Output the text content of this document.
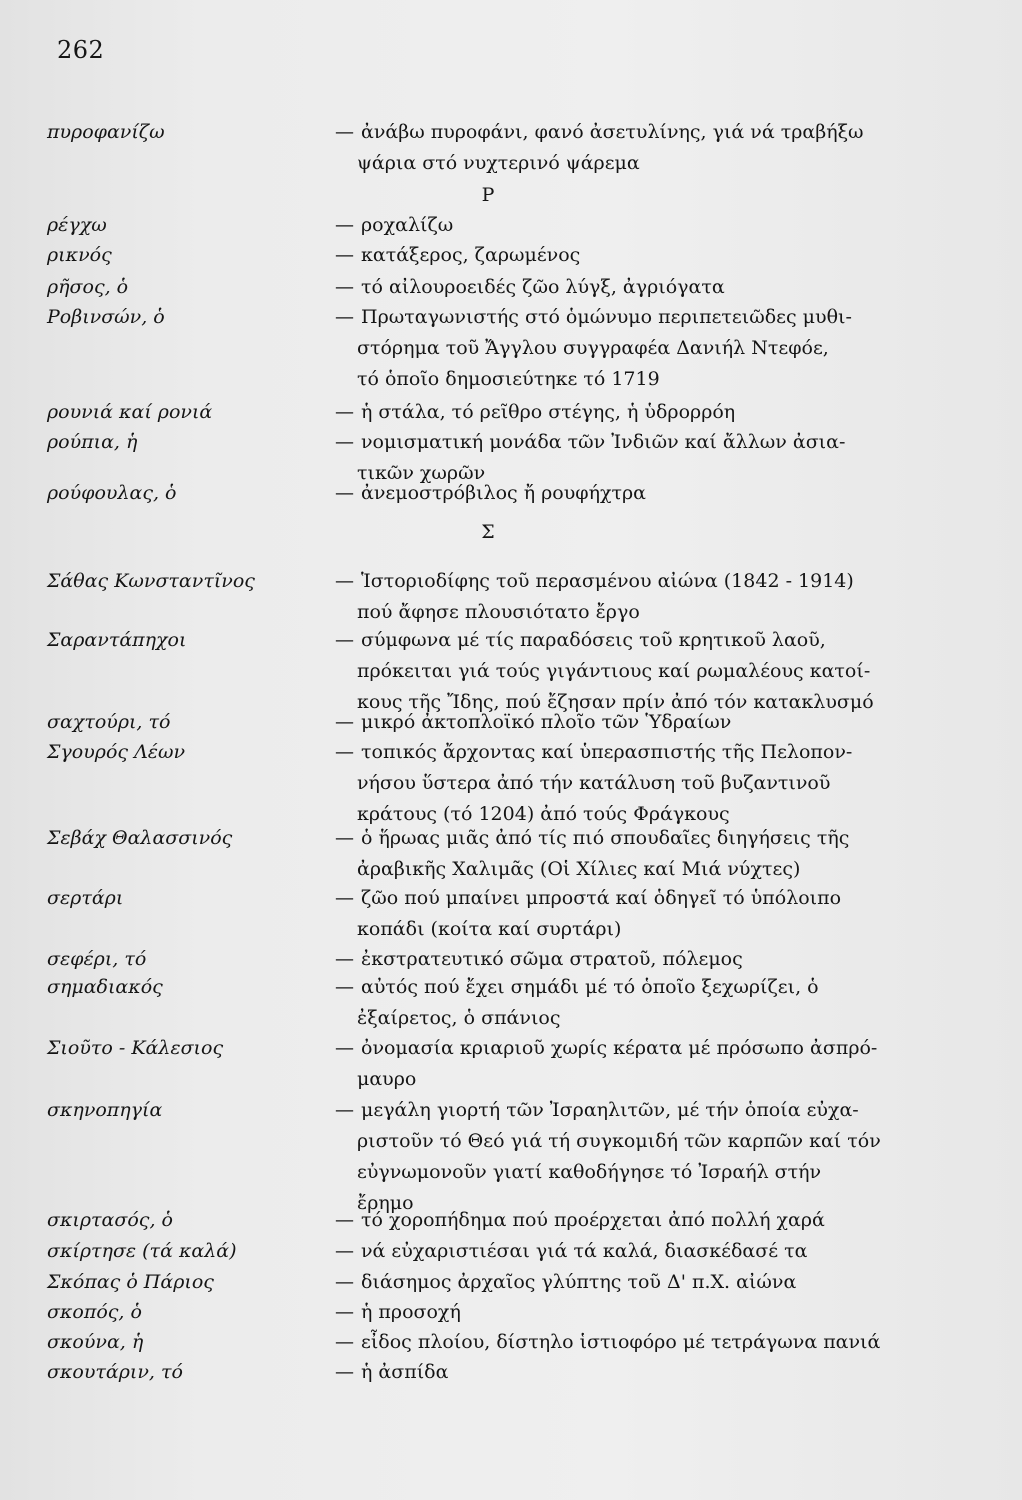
262
Ρ
Σ
πυροφανίζω	— ἀνάβω πυροφάνι, φανό ἀσετυλίνης, γιά νά τραβήξω
ψάρια στό νυχτερινό ψάρεμα
ρέγχω	— ροχαλίζω
ρικνός	— κατάξερος, ζαρωμένος
ρῆσος, ὁ	— τό αἰλουροειδές ζῶο λύγξ, ἀγριόγατα
Ροβινσών, ὁ	— Πρωταγωνιστής στό ὁμώνυμο περιπετειῶδες μυθι-
στόρημα τοῦ Ἄγγλου συγγραφέα Δανιήλ Ντεφόε,
τό ὁποῖο δημοσιεύτηκε τό 1719
ρουνιά καί ρονιά	— ἡ στάλα, τό ρεῖθρο στέγης, ἡ ὑδρορρόη
ρούπια, ἡ	— νομισματική μονάδα τῶν Ἰνδιῶν καί ἄλλων ἀσια-
τικῶν χωρῶν
ρούφουλας, ὁ	— ἀνεμοστρόβιλος ἤ ρουφήχτρα
Σάθας Κωνσταντῖνος	— Ἱστοριοδίφης τοῦ περασμένου αἰώνα (1842 - 1914)
πού ἄφησε πλουσιότατο ἔργο
Σαραντάπηχοι	— σύμφωνα μέ τίς παραδόσεις τοῦ κρητικοῦ λαοῦ,
πρόκειται γιά τούς γιγάντιους καί ρωμαλέους κατοί-
κους τῆς Ἴδης, πού ἔζησαν πρίν ἀπό τόν κατακλυσμό
σαχτούρι, τό	— μικρό ἀκτοπλοϊκό πλοῖο τῶν Ὑδραίων
Σγουρός Λέων	— τοπικός ἄρχοντας καί ὑπερασπιστής τῆς Πελοπον-
νήσου ὕστερα ἀπό τήν κατάλυση τοῦ βυζαντινοῦ
κράτους (τό 1204) ἀπό τούς Φράγκους
Σεβάχ Θαλασσινός	— ὁ ἥρωας μιᾶς ἀπό τίς πιό σπουδαῖες διηγήσεις τῆς
ἀραβικῆς Χαλιμᾶς (Οἱ Χίλιες καί Μιά νύχτες)
σερτάρι	— ζῶο πού μπαίνει μπροστά καί ὁδηγεῖ τό ὑπόλοιπο
κοπάδι (κοίτα καί συρτάρι)
σεφέρι, τό	— ἐκστρατευτικό σῶμα στρατοῦ, πόλεμος
σημαδιακός	— αὐτός πού ἔχει σημάδι μέ τό ὁποῖο ξεχωρίζει, ὁ
ἐξαίρετος, ὁ σπάνιος
Σιοῦτο - Κάλεσιος	— ὀνομασία κριαριοῦ χωρίς κέρατα μέ πρόσωπο ἀσπρό-
μαυρο
σκηνοπηγία	— μεγάλη γιορτή τῶν Ἰσραηλιτῶν, μέ τήν ὁποία εὐχα-
ριστοῦν τό Θεό γιά τή συγκομιδή τῶν καρπῶν καί τόν
εὐγνωμονοῦν γιατί καθοδήγησε τό Ἰσραήλ στήν
ἔρημο
σκιρτασός, ὁ	— τό χοροπήδημα πού προέρχεται ἀπό πολλή χαρά
σκίρτησε (τά καλά)	— νά εὐχαριστιέσαι γιά τά καλά, διασκέδασέ τα
Σκόπας ὁ Πάριος	— διάσημος ἀρχαῖος γλύπτης τοῦ Δ' π.Χ. αἰώνα
σκοπός, ὁ	— ἡ προσοχή
σκούνα, ἡ	— εἶδος πλοίου, δίστηλο ἱστιοφόρο μέ τετράγωνα πανιά
σκουτάριν, τό	— ἡ ἀσπίδα
